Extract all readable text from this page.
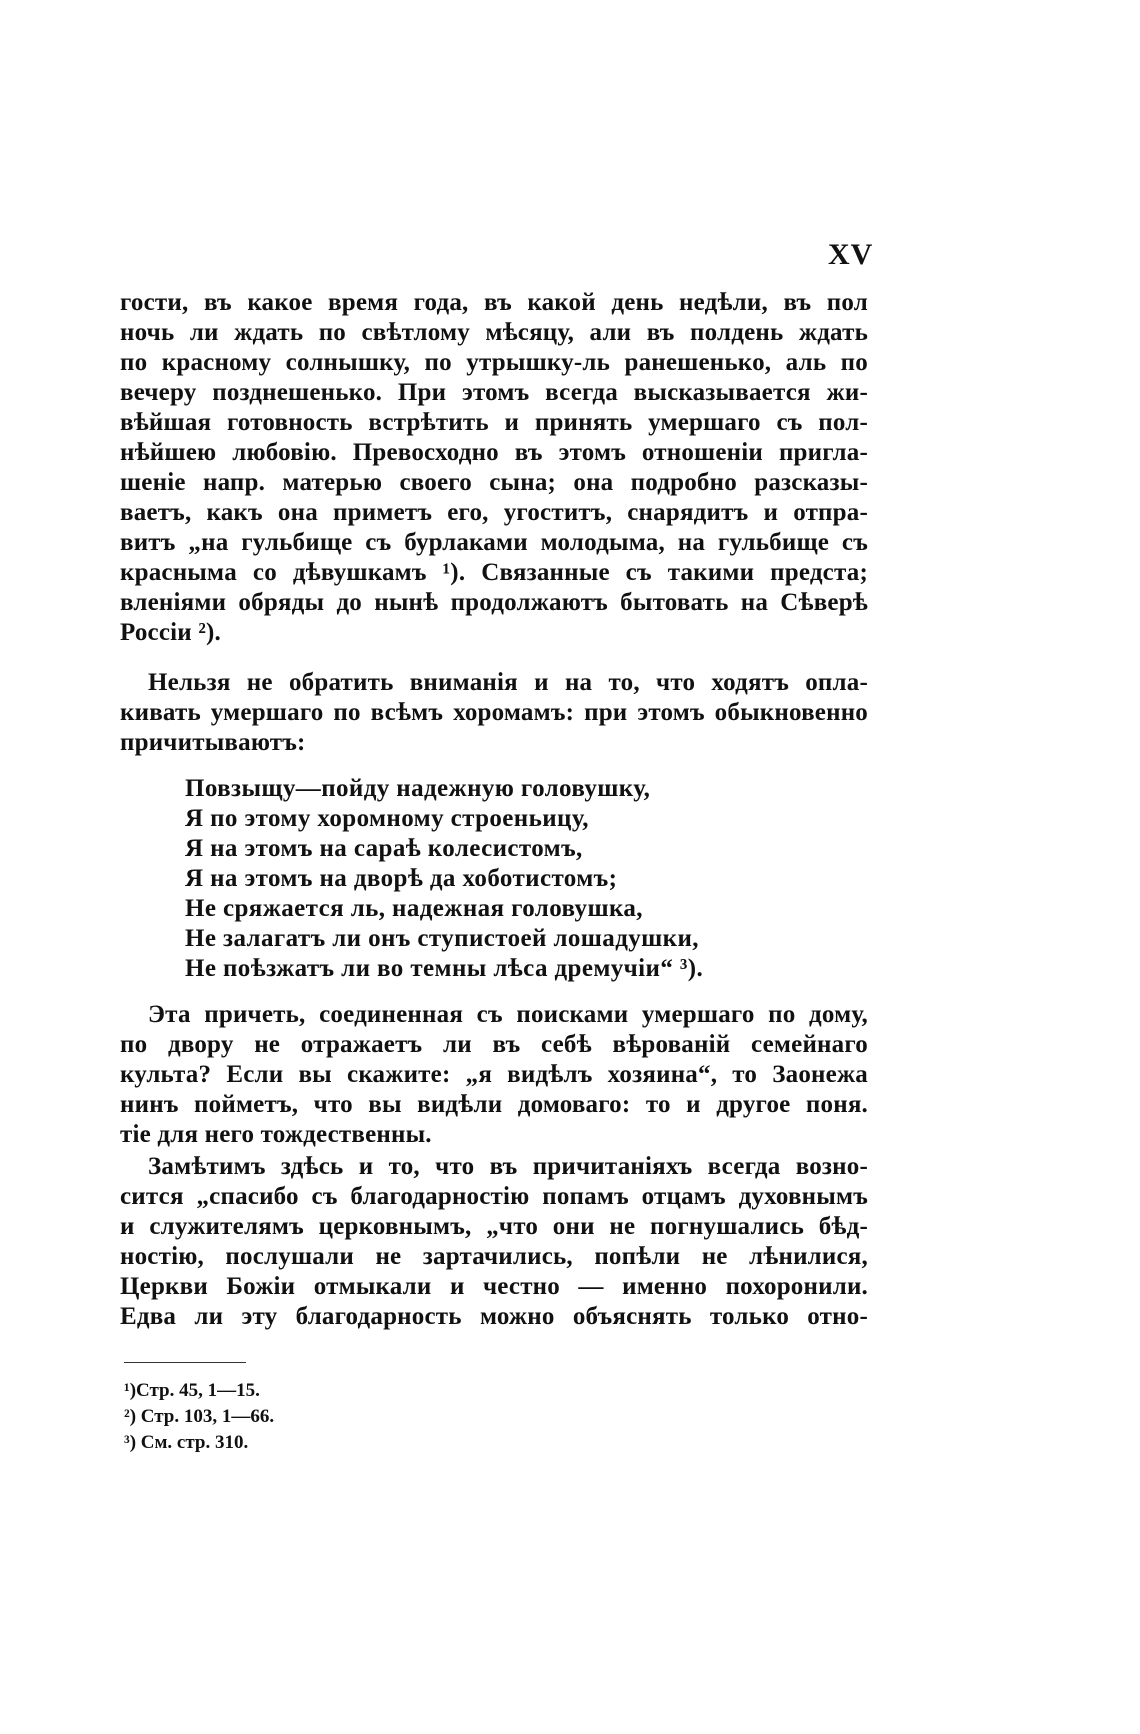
XV
гости, въ какое время года, въ какой день недѣли, въ пол
ночь ли ждать по свѣтлому мѣсяцу, али въ полдень ждать
по красному солнышку, по утрышку-ль ранешенько, аль по
вечеру позднешенько. При этомъ всегда высказывается жи-
вѣйшая готовность встрѣтить и принять умершаго съ пол-
нѣйшею любовію. Превосходно въ этомъ отношеніи пригла-
шеніе напр. матерью своего сына; она подробно разсказы-
ваетъ, какъ она приметъ его, угоститъ, снарядитъ и отпра-
витъ „на гульбище съ бурлаками молодыма, на гульбище съ
краснымa со дѣвушкамъ ¹). Связанные съ такими предста;
вленіями обряды до нынѣ продолжаютъ бытовать на Сѣверѣ
Россіи ²).
Нельзя не обратить вниманія и на то, что ходятъ опла-
кивать умершаго по всѣмъ хоромамъ: при этомъ обыкновенно
причитываютъ:
Повзыщу—пойду надежную головушку,
Я по этому хоромному строеньицу,
Я на этомъ на сараѣ колесистомъ,
Я на этомъ на дворѣ да хоботистомъ;
Не сряжается ль, надежная головушка,
Не залагатъ ли онъ ступистоей лошадушки,
Не поѣзжатъ ли во темны лѣса дремучіи“ ³).
Эта причеть, соединенная съ поисками умершаго по дому,
по двору не отражаетъ ли въ себѣ вѣрованій семейнаго
культа? Если вы скажите: „я видѣлъ хозяина“, то Заонежа
нинъ пойметъ, что вы видѣли домоваго: то и другое поня.
тіе для него тождественны.
Замѣтимъ здѣсь и то, что въ причитаніяхъ всегда возно-
сится „спасибо съ благодарностію попамъ отцамъ духовнымъ
и служителямъ церковнымъ, „что они не погнушались бѣд-
ностію, послушали не зартачились, попѣли не лѣнилися,
Церкви Божіи отмыкали и честно — именно похоронили.
Едва ли эту благодарность можно объяснять только отно-
¹)Стр. 45, 1—15.
²) Стр. 103, 1—66.
³) См. стр. 310.
